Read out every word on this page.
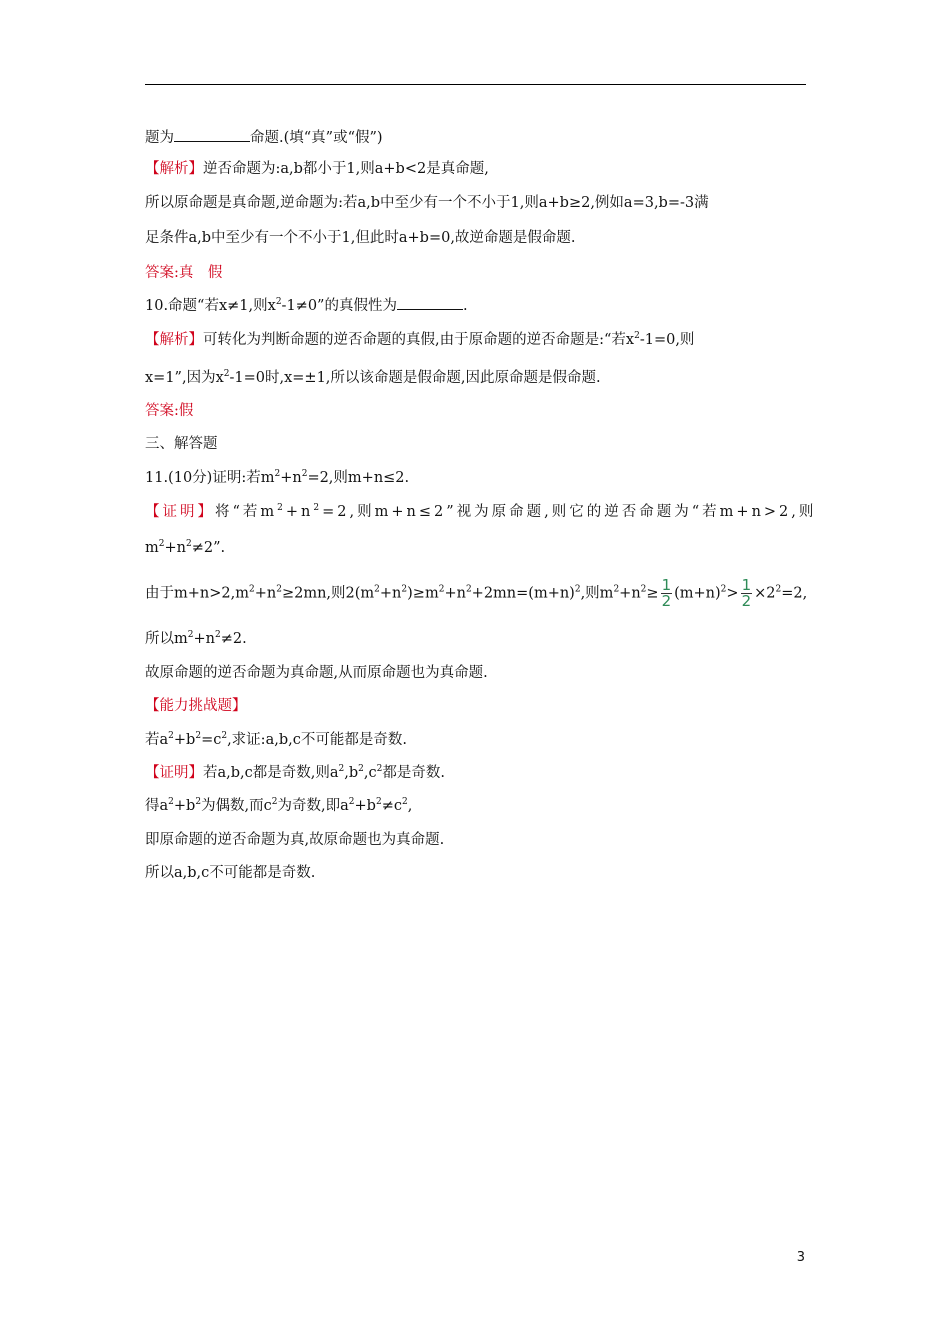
题为	命题.(填“真”或“假”)
【解析】逆否命题为:a,b都小于1,则a+b<2是真命题,
所以原命题是真命题,逆命题为:若a,b中至少有一个不小于1,则a+b≥2,例如a=3,b=-3满
足条件a,b中至少有一个不小于1,但此时a+b=0,故逆命题是假命题.
答案:真　假
10.命题“若x≠1,则$x^2-1\ne 0$”的真假性为	.
【解析】可转化为判断命题的逆否命题的真假,由于原命题的逆否命题是:“若$x^2-1=0$,则
x=1”,因为$x^2-1=0$时,x=±1,所以该命题是假命题,因此原命题是假命题.
答案:假
三、解答题
11.(10分)证明:若$m^2+n^2=2$,则m+n≤2.
【证明】将“若$m^2+n^2=2$,则m+n≤2”视为原命题,则它的逆否命题为“若m+n>2,则
$m^2+n^2\ne 2$”.
由于$m+n>2,m^2+n^2\ge 2mn$,则$2(m^2+n^2)\ge m^2+n^2+2mn=(m+n)^2$,则$m^2+n^2\ge \frac{1}{2} (m+n)^2> \frac{1}{2} \times 2^2=2$,
所以$m^2+n^2\ne 2$.
故原命题的逆否命题为真命题,从而原命题也为真命题.
【能力挑战题】
若$a^2+b^2=c^2$,求证:a,b,c不可能都是奇数.
【证明】若a,b,c都是奇数,则$a^2,b^2,c^2$都是奇数.
得$a^2+b^2$为偶数,而$c^2$为奇数,即$a^2+b^2\ne c^2$,
即原命题的逆否命题为真,故原命题也为真命题.
所以a,b,c不可能都是奇数.
3
